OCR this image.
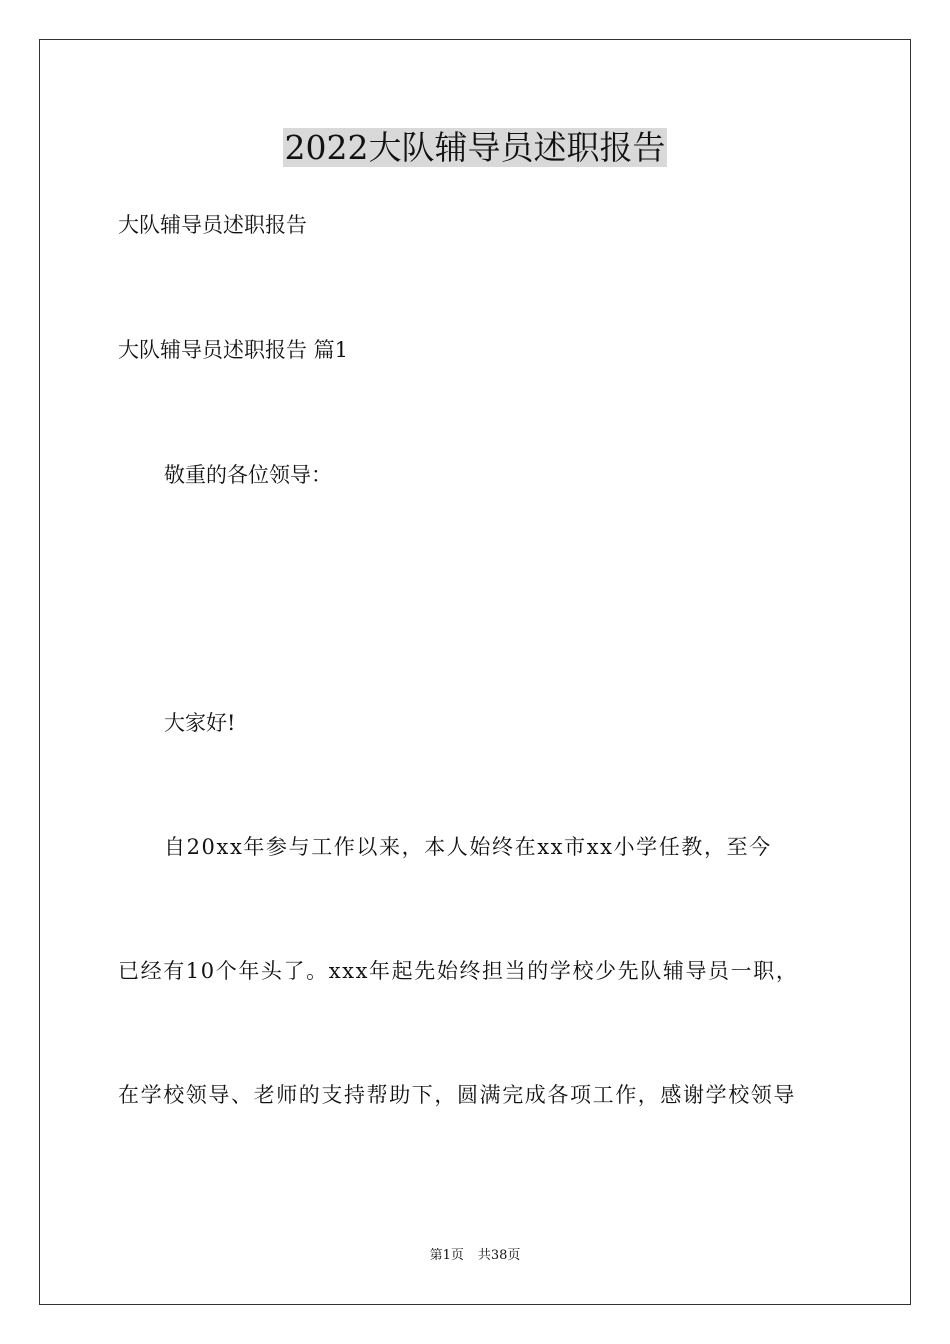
2022大队辅导员述职报告

大队辅导员述职报告

大队辅导员述职报告 篇1

敬重的各位领导：

大家好!

自20xx年参与工作以来，本人始终在xx市xx小学任教，至今

已经有10个年头了。xxx年起先始终担当的学校少先队辅导员一职，

在学校领导、老师的支持帮助下，圆满完成各项工作，感谢学校领导

第1页 共38页
